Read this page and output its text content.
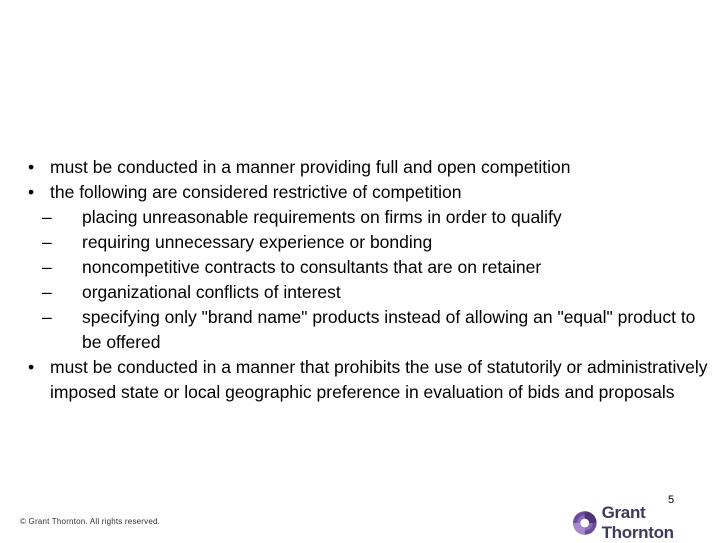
• must be conducted in a manner providing full and open competition
• the following are considered restrictive of competition
– placing unreasonable requirements on firms in order to qualify
– requiring unnecessary experience or bonding
– noncompetitive contracts to consultants that are on retainer
– organizational conflicts of interest
– specifying only "brand name" products instead of allowing an "equal" product to be offered
• must be conducted in a manner that prohibits the use of statutorily or administratively imposed state or local geographic preference in evaluation of bids and proposals
5
© Grant Thornton. All rights reserved.	Grant Thornton
